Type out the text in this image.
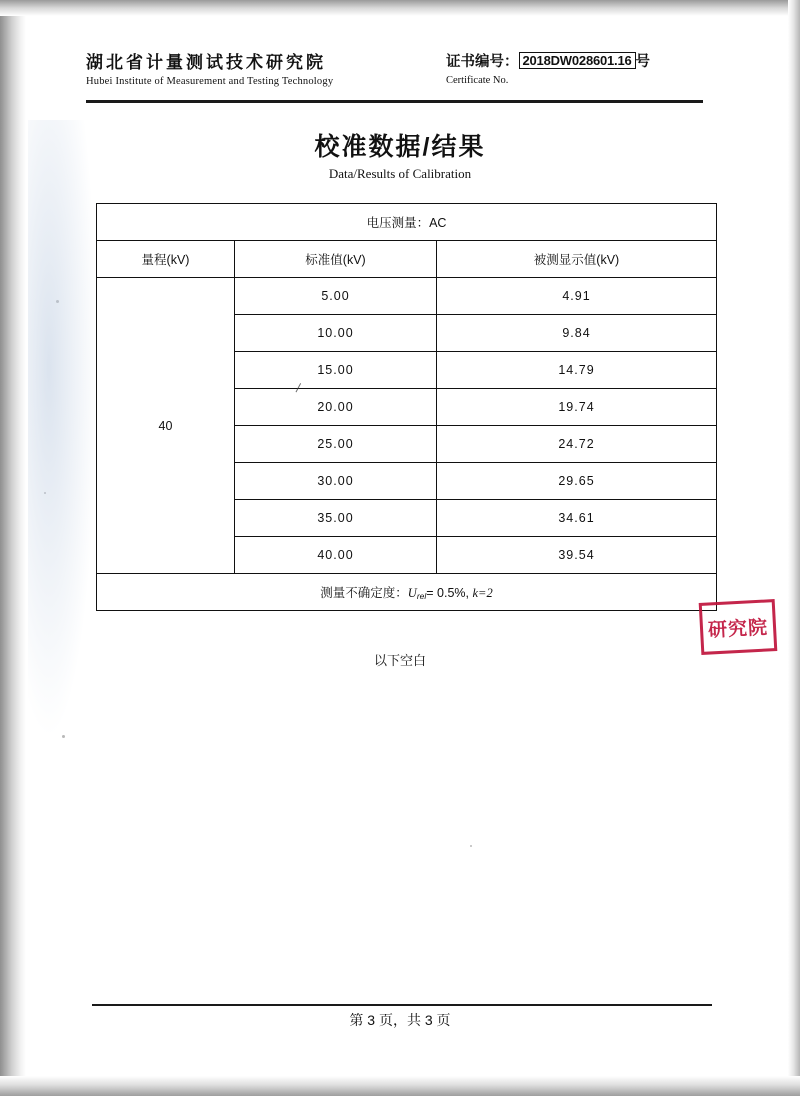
湖北省计量测试技术研究院
Hubei Institute of Measurement and Testing Technology
证书编号： 2018DW028601.16 号
Certificate No.
校准数据/结果
Data/Results of Calibration
电压测量：AC		
量程(kV)	标准值(kV)	被测显示值(kV)
40	5.00	4.91
	10.00	9.84
	15.00	14.79
	20.00	19.74
	25.00	24.72
	30.00	29.65
	35.00	34.61
	40.00	39.54
测量不确定度：Urel= 0.5%, k=2		
以下空白
研究院

第 3 页，共 3 页
